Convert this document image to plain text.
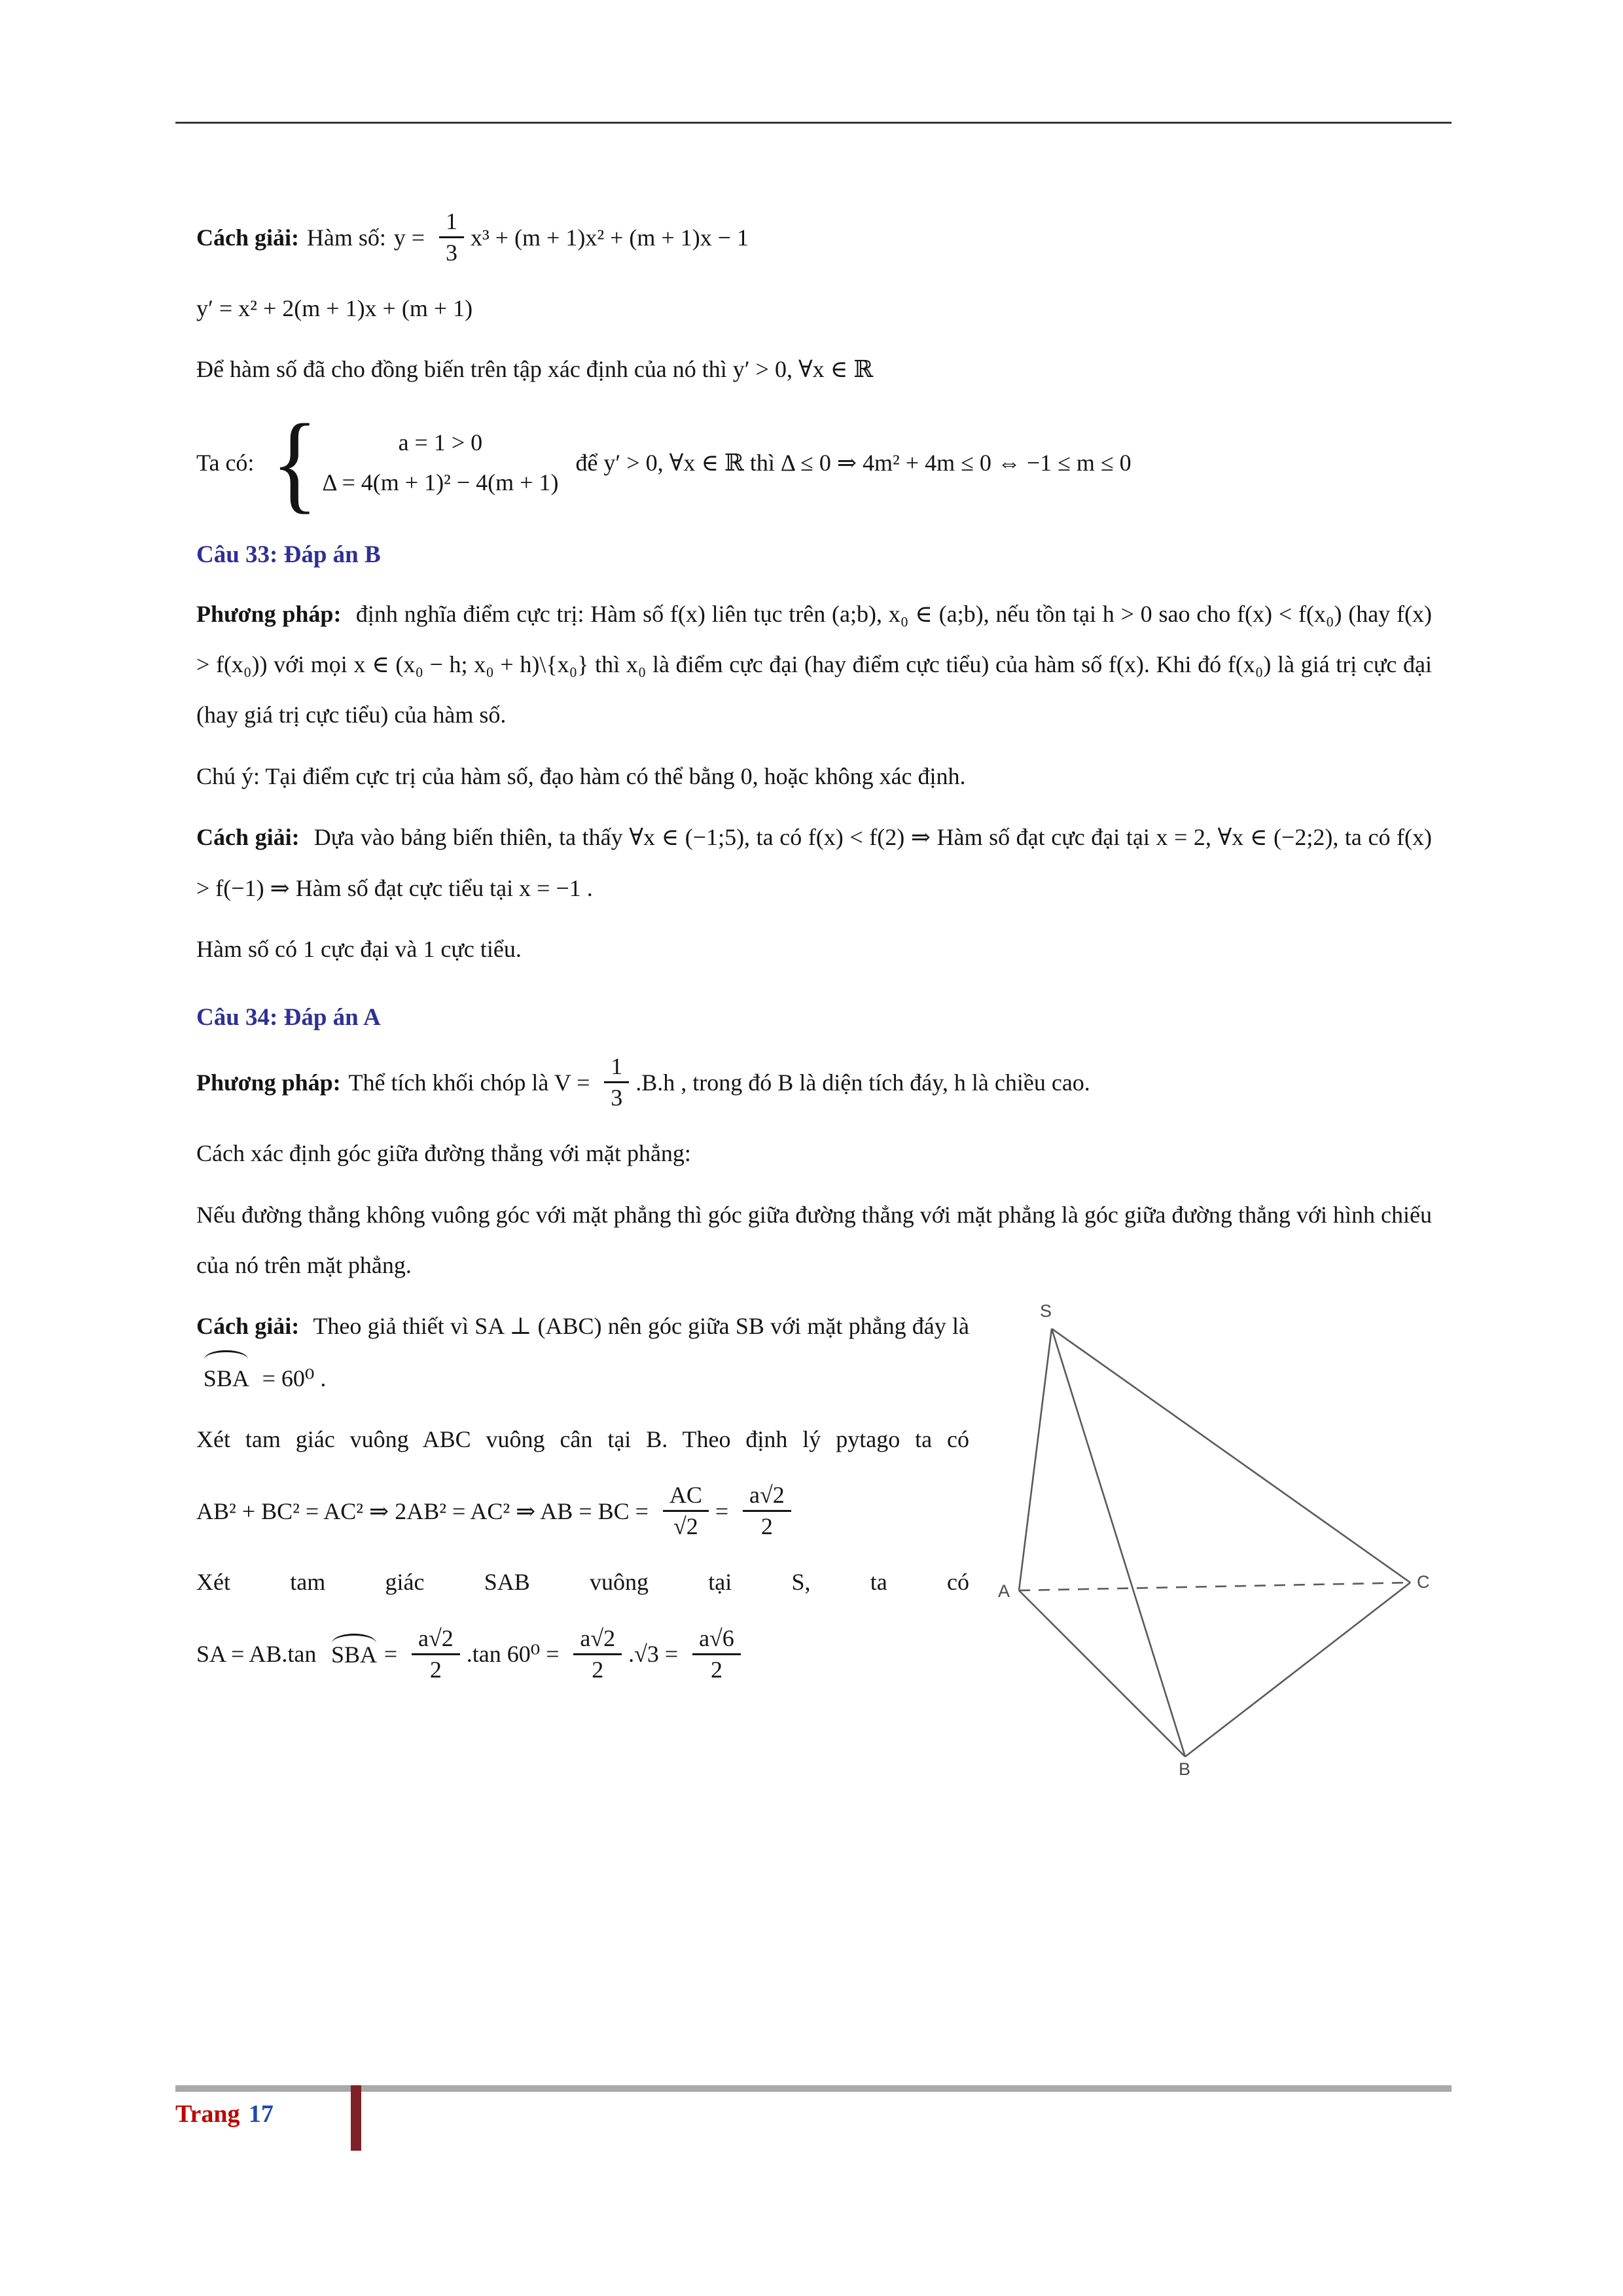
Cách giải: Hàm số: $y = \frac{1}{3} x^3 + (m + 1)x^2 + (m + 1)x - 1$

y′ = x² + 2(m + 1)x + (m + 1)

Để hàm số đã cho đồng biến trên tập xác định của nó thì y′ > 0, ∀x ∈ ℝ

Ta có: {	a = 1 > 0
Δ = 4(m + 1)² − 4(m + 1)
để y′ > 0, ∀x ∈ ℝ thì Δ ≤ 0 ⇒ 4m² + 4m ≤ 0 ⇔ −1 ≤ m ≤ 0
Câu 33: Đáp án B

Phương pháp: định nghĩa điểm cực trị: Hàm số f(x) liên tục trên (a;b), x₀ ∈ (a;b), nếu tồn tại h > 0 sao cho f(x) < f(x₀) (hay f(x) > f(x₀)) với mọi x ∈ (x₀ − h; x₀ + h)\{x₀} thì x₀ là điểm cực đại (hay điểm cực tiểu) của hàm số f(x). Khi đó f(x₀) là giá trị cực đại (hay giá trị cực tiểu) của hàm số.

Chú ý: Tại điểm cực trị của hàm số, đạo hàm có thể bằng 0, hoặc không xác định.

Cách giải: Dựa vào bảng biến thiên, ta thấy ∀x ∈ (−1;5), ta có f(x) < f(2) ⇒ Hàm số đạt cực đại tại x = 2, ∀x ∈ (−2;2), ta có f(x) > f(−1) ⇒ Hàm số đạt cực tiểu tại x = −1 .

Hàm số có 1 cực đại và 1 cực tiểu.

Câu 34: Đáp án A
Phương pháp: Thể tích khối chóp là $V = \frac{1}{3} .B.h$ , trong đó B là diện tích đáy, h là chiều cao.

Cách xác định góc giữa đường thẳng với mặt phẳng:

Nếu đường thẳng không vuông góc với mặt phẳng thì góc giữa đường thẳng với mặt phẳng là góc giữa đường thẳng với hình chiếu của nó trên mặt phẳng.

S
A	C
B

Cách giải: Theo giả thiết vì SA ⊥ (ABC) nên góc giữa SB với mặt phẳng đáy là SBA = 60⁰ .

Xét tam giác vuông ABC vuông cân tại B. Theo định lý pytago ta có

AB² + BC² = AC² ⇒ 2AB² = AC² ⇒ AB = BC = $\frac{AC}{√2} = \frac{a√2}{2}$

Xét tam giác SAB vuông tại S, ta có

SA = AB.tan SBA = $\frac{a√2}{2} .\tan$ $60^0 = \frac{a√2}{2} .√3 = \frac{a√6}{2}$
Trang 17
